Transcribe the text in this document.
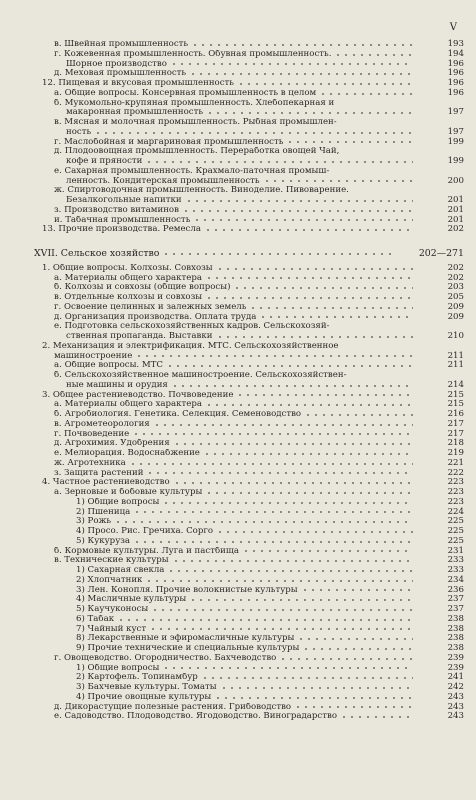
V
в. Швейная промышленность	193
г. Кожевенная промышленность. Обувная промышленность.	194
Шорное производство	196
д. Меховая промышленность	196
12. Пищевая и вкусовая промышленность	196
а. Общие вопросы. Консервная промышленность в целом	196
б. Мукомольно-крупяная промышленность. Хлебопекарная и
макаронная промышленность	197
в. Мясная и молочная промышленность. Рыбная промышлен-
ность	197
г. Маслобойная и маргариновая промышленность	199
д. Плодоовощная промышленность. Переработка овощей Чай,
кофе и пряности	199
е. Сахарная промышленность. Крахмало-паточная промыш-
ленность. Кондитерская промышленность	200
ж. Спиртоводочная промышленность. Виноделие. Пивоварение.
Безалкогольные напитки	201
з. Производство витаминов	201
и. Табачная промышленность	201
13. Прочие производства. Ремесла	202
XVII. Сельское хозяйство	202—271
1. Общие вопросы. Колхозы. Совхозы	202
а. Материалы общего характера	202
б. Колхозы и совхозы (общие вопросы)	203
в. Отдельные колхозы и совхозы	205
г. Освоение целинных и залежных земель	209
д. Организация производства. Оплата труда	209
е. Подготовка сельскохозяйственных кадров. Сельскохозяй-
ственная пропаганда. Выставки	210
2. Механизация и электрификация. МТС. Сельскохозяйственное
машиностроение	211
а. Общие вопросы. МТС	211
б. Сельскохозяйственное машиностроение. Сельскохозяйствен-
ные машины и орудия	214
3. Общее растениеводство. Почвоведение	215
а. Материалы общего характера	215
б. Агробиология. Генетика. Селекция. Семеноводство	216
в. Агрометеорология	217
г. Почвоведение	217
д. Агрохимия. Удобрения	218
е. Мелиорация. Водоснабжение	219
ж. Агротехника	221
з. Защита растений	222
4. Частное растениеводство	223
а. Зерновые и бобовые культуры	223
1) Общие вопросы	223
2) Пшеница	224
3) Рожь	225
4) Просо. Рис. Гречиха. Сорго	225
5) Кукуруза	225
б. Кормовые культуры. Луга и пастбища	231
в. Технические культуры	233
1) Сахарная свекла	233
2) Хлопчатник	234
3) Лен. Конопля. Прочие волокнистые культуры	236
4) Масличные культуры	237
5) Каучуконосы	237
6) Табак	238
7) Чайный куст	238
8) Лекарственные и эфиромасличные культуры	238
9) Прочие технические и специальные культуры	238
г. Овощеводство. Огородничество. Бахчеводство	239
1) Общие вопросы	239
2) Картофель. Топинамбур	241
3) Бахчевые культуры. Томаты	242
4) Прочие овощные культуры	243
д. Дикорастущие полезные растения. Грибоводство	243
е. Садоводство. Плодоводство. Ягодоводство. Виноградарство	243
